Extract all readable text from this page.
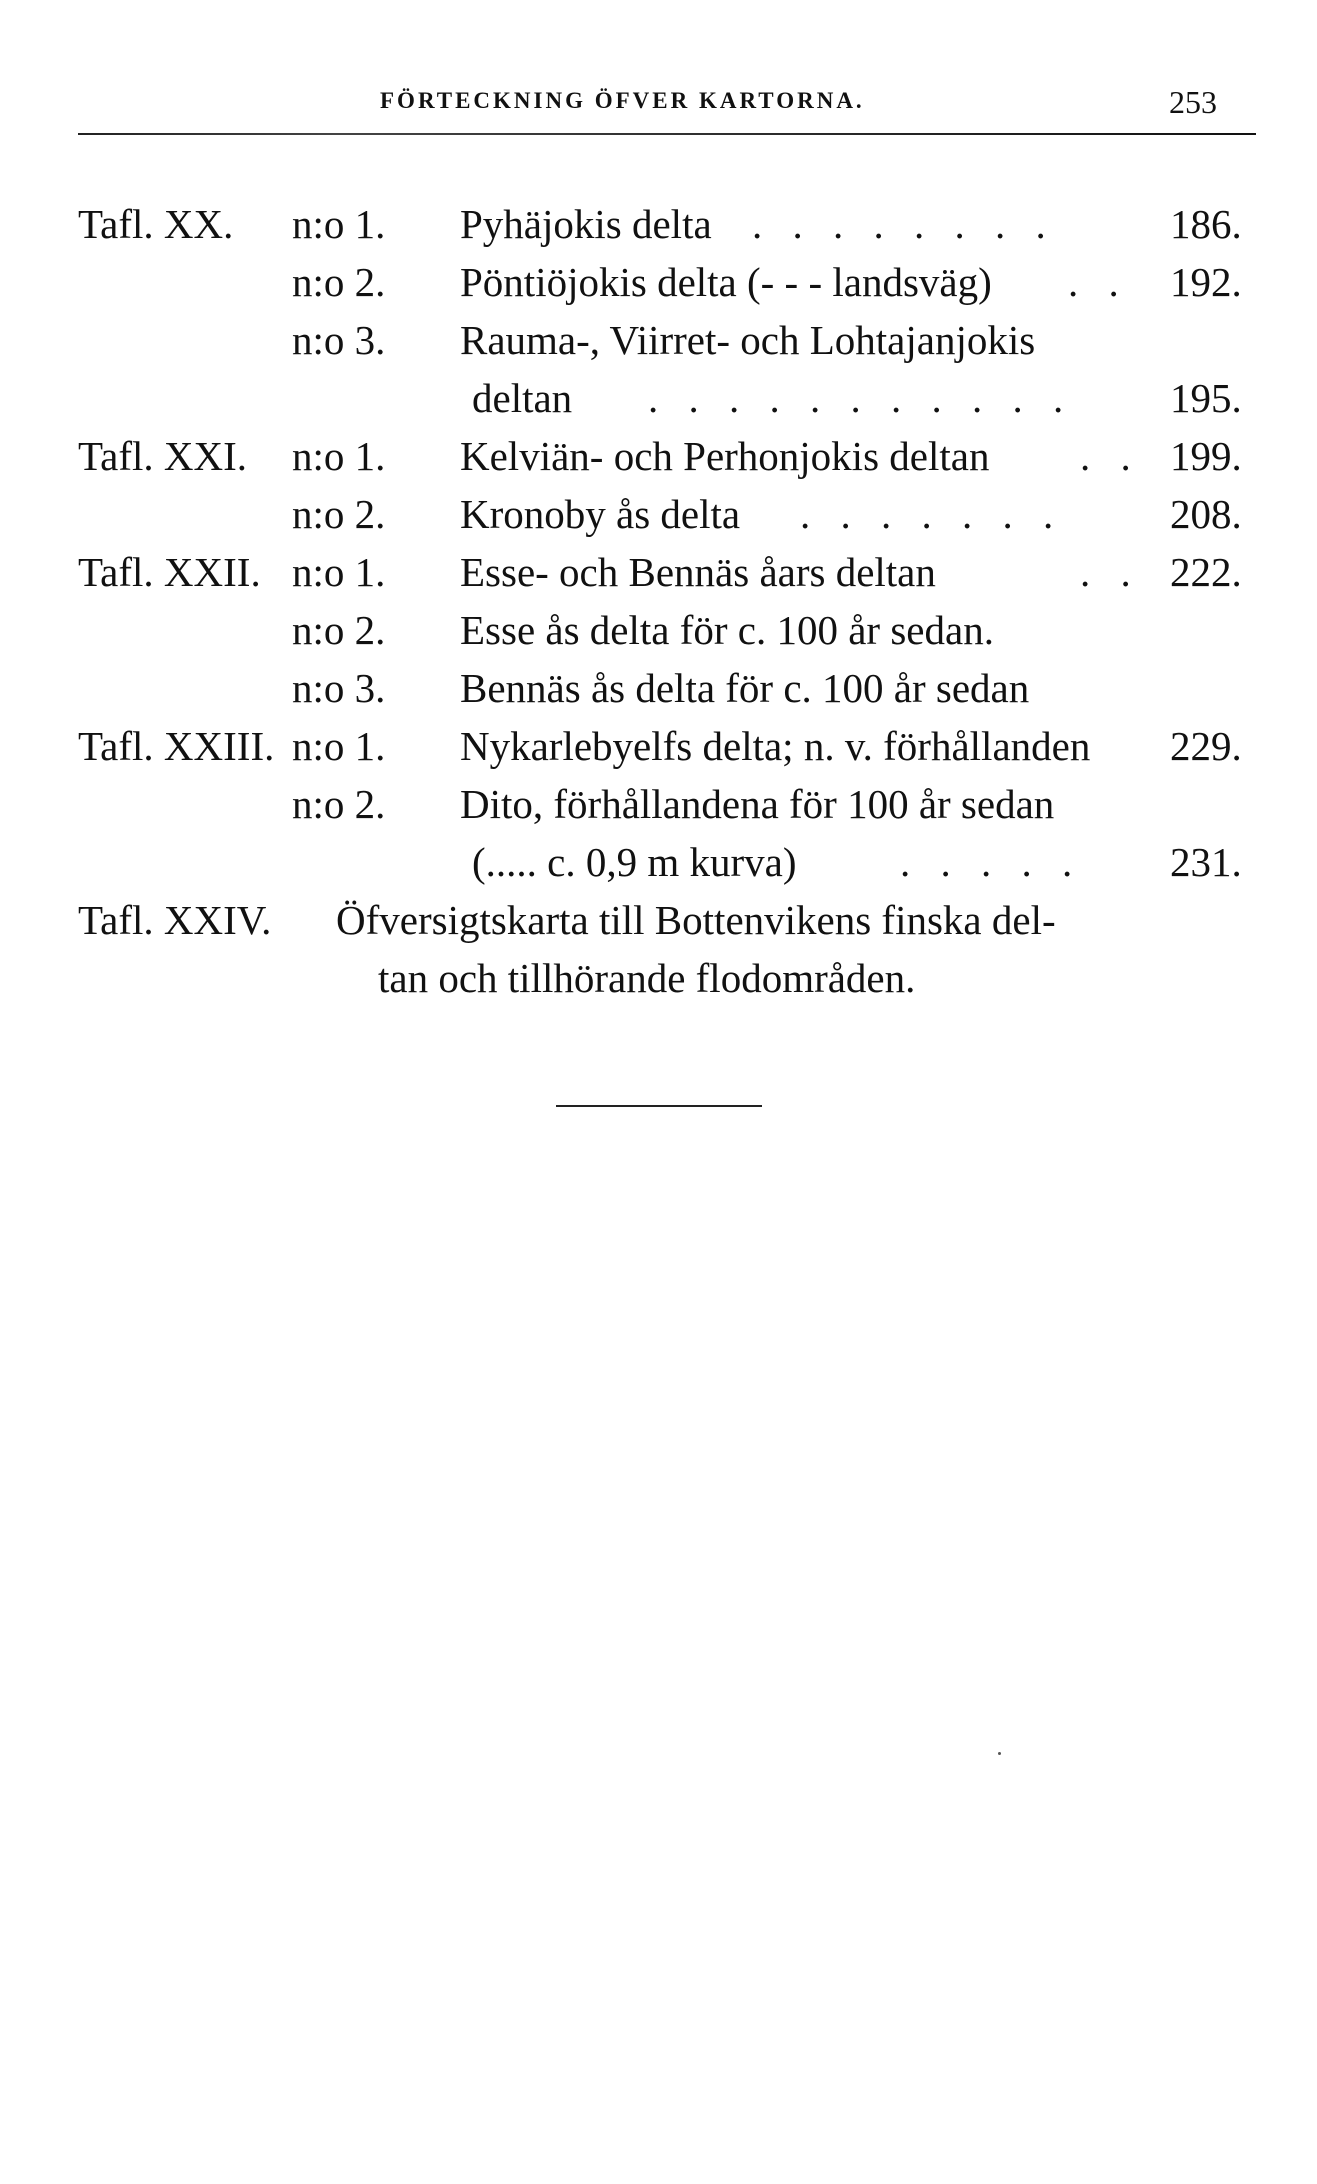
FÖRTECKNING ÖFVER KARTORNA.	253
Tafl. XX. n:o 1. Pyhäjokis delta . . . . . . . .	186.
n:o 2. Pöntiöjokis delta (- - - landsväg) . . 192.
n:o 3. Rauma-, Viirret- och Lohtajanjokis
deltan . . . . . . . . . . . 195.
Tafl. XXI. n:o 1. Kelviän- och Perhonjokis deltan . . 199.
n:o 2. Kronoby ås delta . . . . . . .	208.
Tafl. XXII. n:o 1. Esse- och Bennäs åars deltan	. . 222.
n:o 2. Esse ås delta för c. 100 år sedan.
n:o 3. Bennäs ås delta för c. 100 år sedan
Tafl. XXIII. n:o 1. Nykarlebyelfs delta; n. v. förhållanden 229.
n:o 2. Dito, förhållandena för 100 år sedan
(..... c. 0,9 m kurva)	. . . . . 231.
Tafl. XXIV. Öfversigtskarta till Bottenvikens finska del-
tan och tillhörande flodområden.
